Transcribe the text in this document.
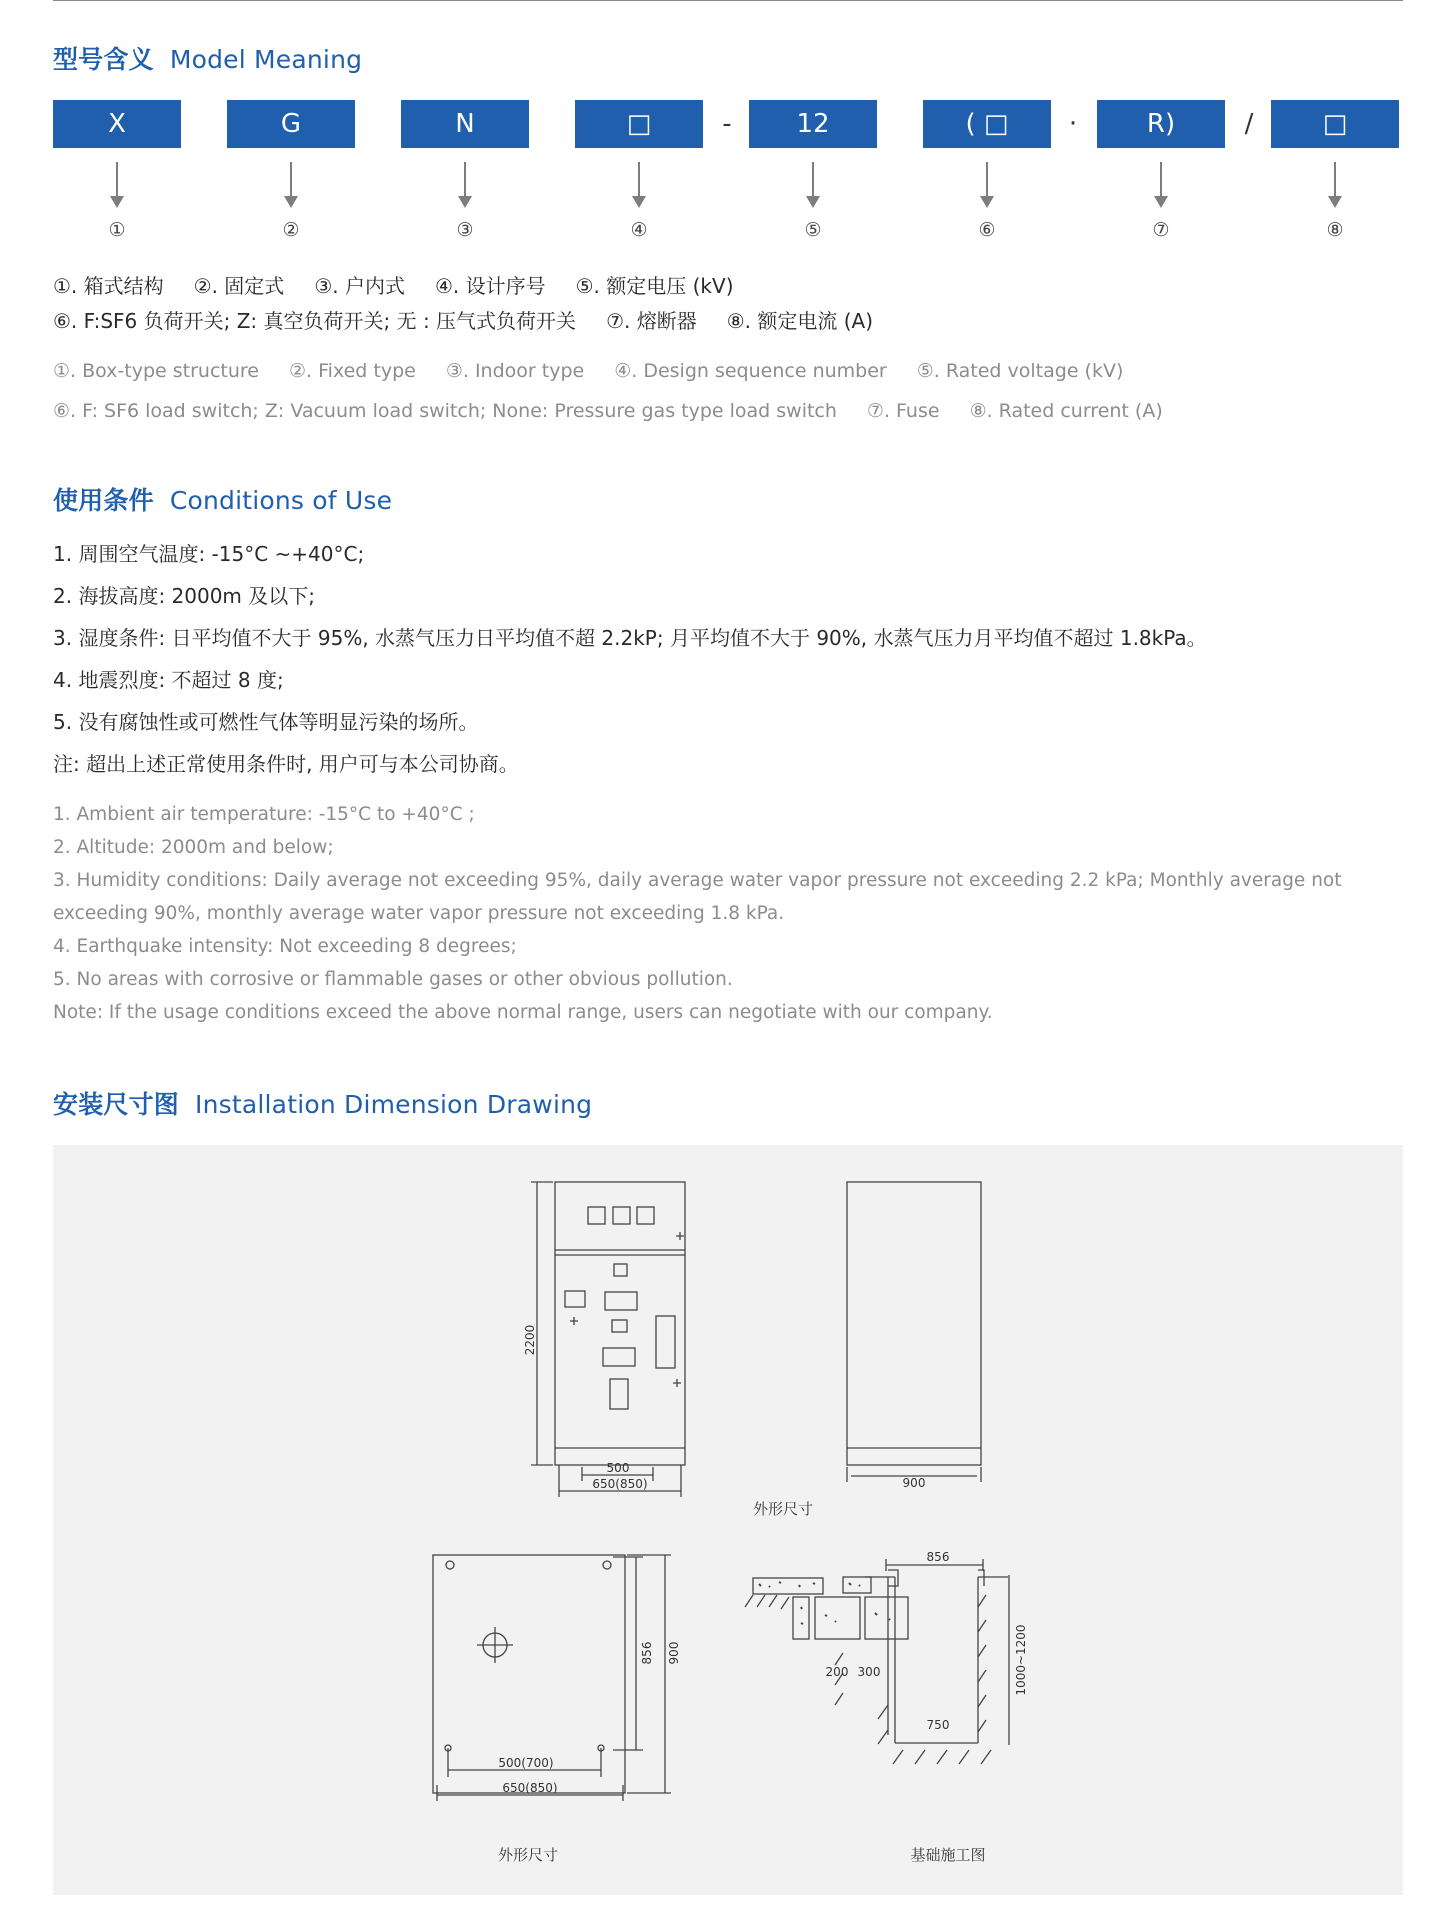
型号含义 Model Meaning
X	G	N	□	-	12	( □	·	R)	/	□
①	②	③	④	⑤	⑥	⑦	⑧

①. 箱式结构 ②. 固定式 ③. 户内式 ④. 设计序号 ⑤. 额定电压 (kV)

⑥. F:SF6 负荷开关; Z: 真空负荷开关; 无 : 压气式负荷开关 ⑦. 熔断器 ⑧. 额定电流 (A)

①. Box-type structure ②. Fixed type ③. Indoor type ④. Design sequence number ⑤. Rated voltage (kV)

⑥. F: SF6 load switch; Z: Vacuum load switch; None: Pressure gas type load switch ⑦. Fuse ⑧. Rated current (A)

使用条件 Conditions of Use

1. 周围空气温度: -15°C ~+40°C;

2. 海拔高度: 2000m 及以下;

3. 湿度条件: 日平均值不大于 95%, 水蒸气压力日平均值不超 2.2kP; 月平均值不大于 90%, 水蒸气压力月平均值不超过 1.8kPa。

4. 地震烈度: 不超过 8 度;

5. 没有腐蚀性或可燃性气体等明显污染的场所。

注: 超出上述正常使用条件时, 用户可与本公司协商。

1. Ambient air temperature: -15°C to +40°C ;
2. Altitude: 2000m and below;
3. Humidity conditions: Daily average not exceeding 95%, daily average water vapor pressure not exceeding 2.2 kPa; Monthly average not exceeding 90%, monthly average water vapor pressure not exceeding 1.8 kPa.
4. Earthquake intensity: Not exceeding 8 degrees;
5. No areas with corrosive or flammable gases or other obvious pollution.
Note: If the usage conditions exceed the above normal range, users can negotiate with our company.
安装尺寸图 Installation Dimension Drawing
2200
500
650(850)	900
外形尺寸
856 900
500(700)
650(850)
856
200 300
750
1000~1200
外形尺寸	基础施工图
